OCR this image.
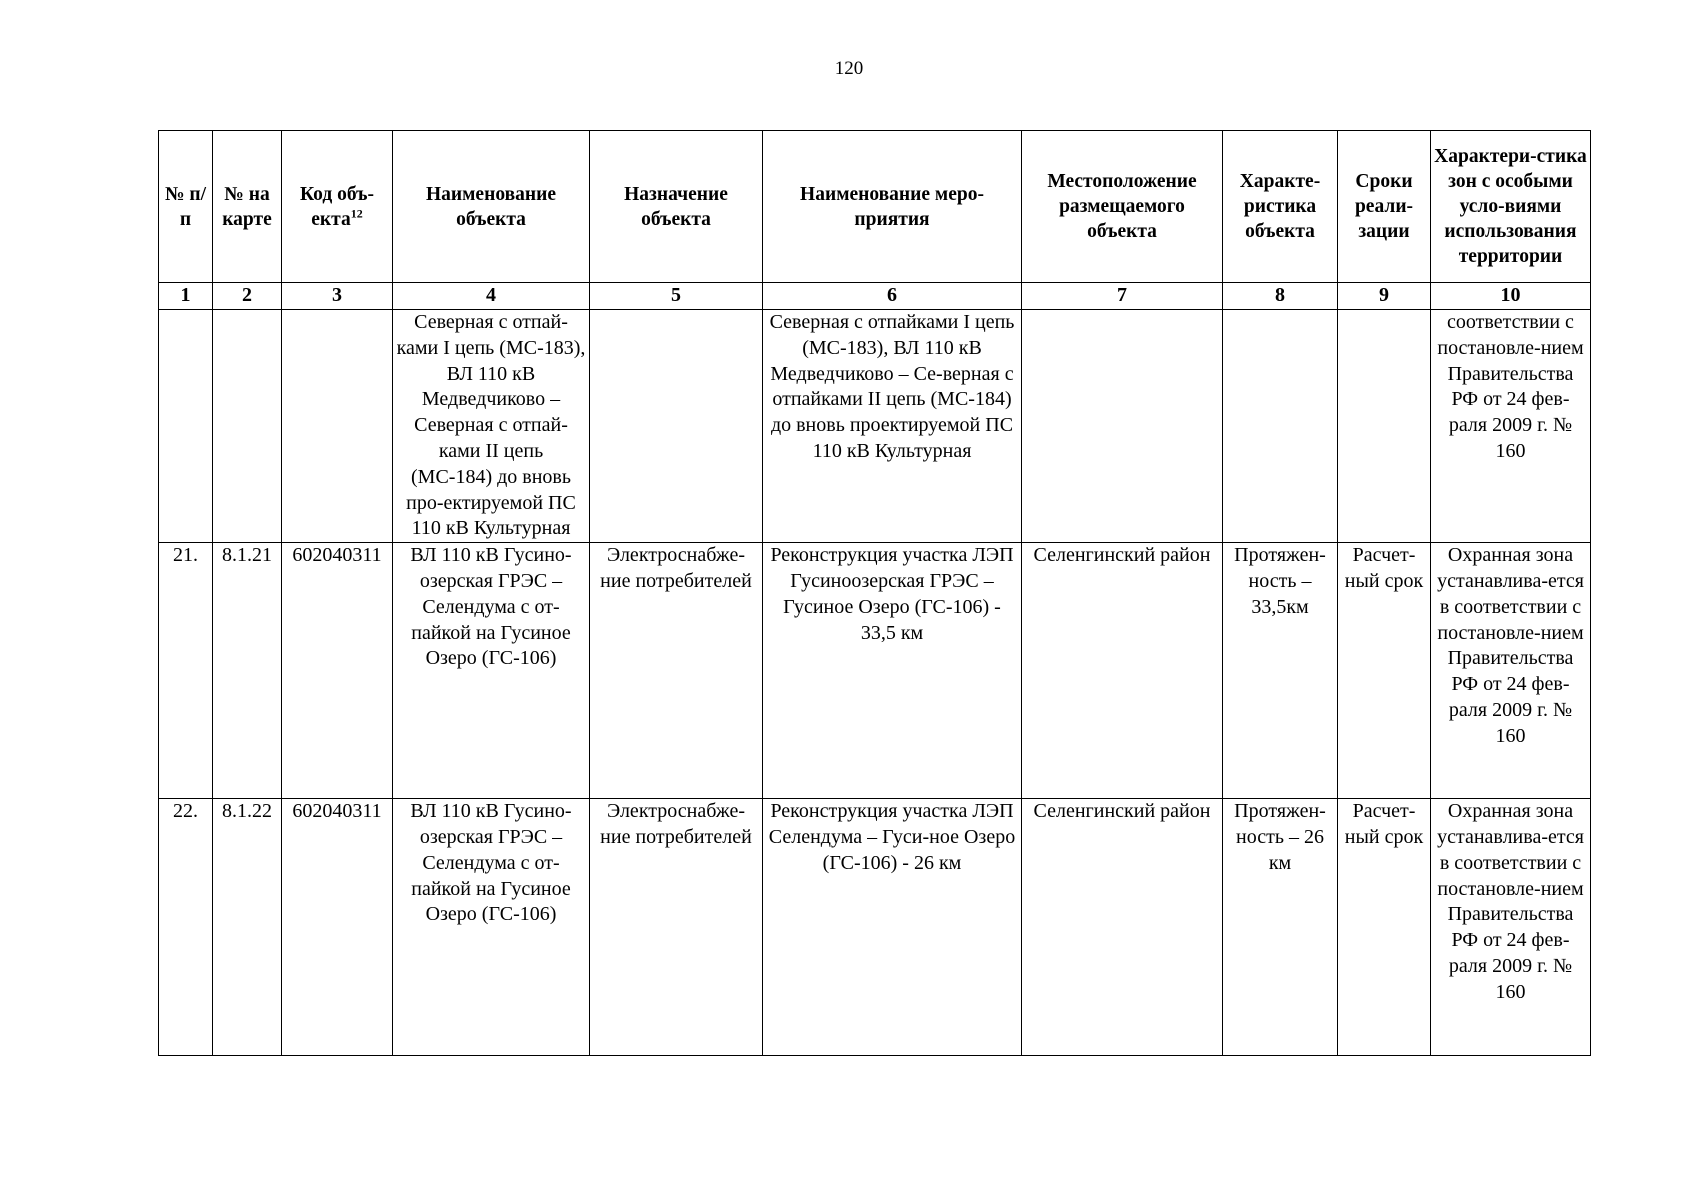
120
№ п/п	№ на карте	Код объ-екта$^{12}$	Наименование объекта	Назначение объекта	Наименование меро-приятия	Местоположение размещаемого объекта	Характе-ристика объекта	Сроки реали-зации	Характери-стика зон с особыми усло-виями использования территории
1	2	3	4	5	6	7	8	9	10
			Северная с отпай-ками I цепь (МС-183), ВЛ 110 кВ Медведчиково – Северная с отпай-ками II цепь (МС-184) до вновь про-ектируемой ПС 110 кВ Культурная		Северная с отпайками I цепь (МС-183), ВЛ 110 кВ Медведчиково – Се-верная с отпайками II цепь (МС-184) до вновь проектируемой ПС 110 кВ Культурная				соответствии с постановле-нием Правительства РФ от 24 фев-раля 2009 г. № 160
21.	8.1.21	602040311	ВЛ 110 кВ Гусино-озерская ГРЭС – Селендума с от-пайкой на Гусиное Озеро (ГС-106)	Электроснабже-ние потребителей	Реконструкция участка ЛЭП Гусиноозерская ГРЭС – Гусиное Озеро (ГС-106) - 33,5 км	Селенгинский район	Протяжен-ность – 33,5км	Расчет-ный срок	Охранная зона устанавлива-ется в соответствии с постановле-нием Правительства РФ от 24 фев-раля 2009 г. № 160
22.	8.1.22	602040311	ВЛ 110 кВ Гусино-озерская ГРЭС – Селендума с от-пайкой на Гусиное Озеро (ГС-106)	Электроснабже-ние потребителей	Реконструкция участка ЛЭП Селендума – Гуси-ное Озеро (ГС-106) - 26 км	Селенгинский район	Протяжен-ность – 26 км	Расчет-ный срок	Охранная зона устанавлива-ется в соответствии с постановле-нием Правительства РФ от 24 фев-раля 2009 г. № 160
